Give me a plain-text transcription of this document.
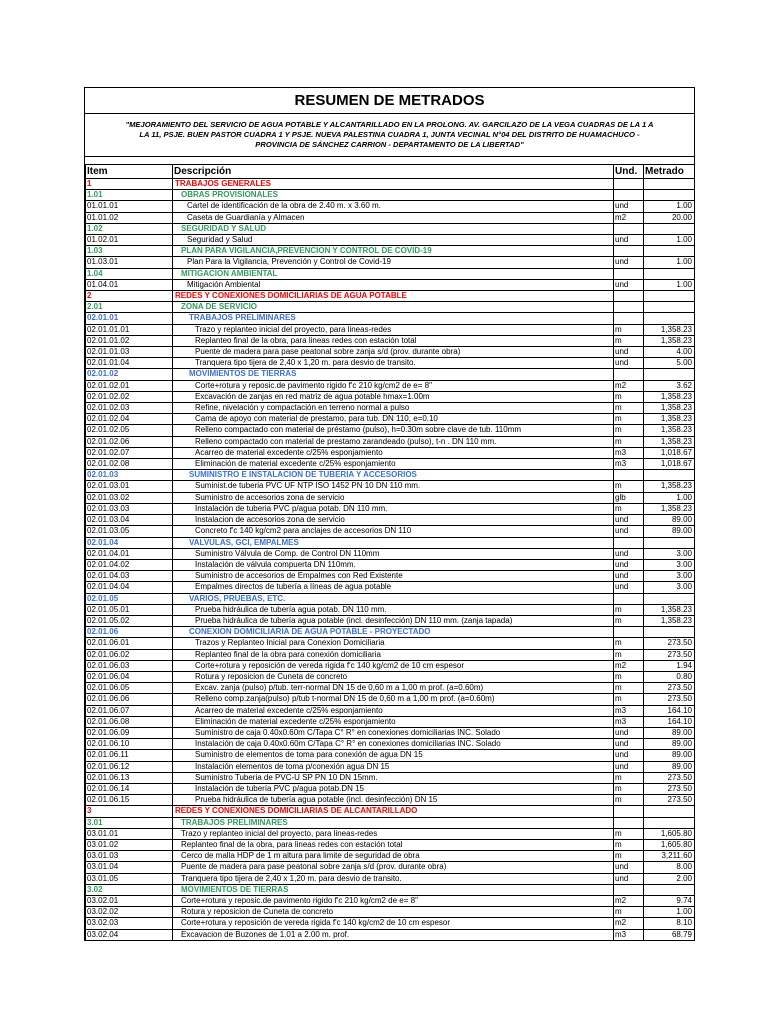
RESUMEN DE METRADOS
"MEJORAMIENTO DEL SERVICIO DE AGUA POTABLE Y ALCANTARILLADO EN LA PROLONG. AV. GARCILAZO DE LA VEGA CUADRAS DE LA 1 A
LA 11, PSJE. BUEN PASTOR CUADRA 1 Y PSJE. NUEVA PALESTINA CUADRA 1, JUNTA VECINAL N°04 DEL DISTRITO DE HUAMACHUCO -
PROVINCIA DE SÁNCHEZ CARRION - DEPARTAMENTO DE LA LIBERTAD"
Item	Descripción	Und.	Metrado
1	TRABAJOS GENERALES		
1.01	OBRAS PROVISIONALES		
01.01.01	Cartel de identificación de la obra de 2.40 m. x 3.60 m.	und	1.00
01.01.02	Caseta de Guardianía y Almacen	m2	20.00
1.02	SEGURIDAD Y SALUD		
01.02.01	Seguridad y Salud	und	1.00
1.03	PLAN PARA VIGILANCIA,PREVENCION Y CONTROL DE COVID-19		
01.03.01	Plan Para la Vigilancia, Prevención y Control de Covid-19	und	1.00
1.04	MITIGACION AMBIENTAL		
01.04.01	Mitigación Ambiental	und	1.00
2	REDES Y CONEXIONES DOMICILIARIAS DE AGUA POTABLE		
2.01	ZONA DE SERVICIO		
02.01.01	TRABAJOS PRELIMINARES		
02.01.01.01	Trazo y replanteo inicial del proyecto, para lineas-redes	m	1,358.23
02.01.01.02	Replanteo final de la obra, para lineas redes con estación total	m	1,358.23
02.01.01.03	Puente de madera para pase peatonal sobre zanja s/d (prov. durante obra)	und	4.00
02.01.01.04	Tranquera tipo tijera de 2,40 x 1,20 m. para desvio de transito.	und	5.00
02.01.02	MOVIMIENTOS DE TIERRAS		
02.01.02.01	Corte+rotura y reposic.de pavimento rigido f'c 210 kg/cm2 de e= 8"	m2	3.62
02.01.02.02	Excavación de zanjas en red matriz de agua potable hmax=1.00m	m	1,358.23
02.01.02.03	Refine, nivelación y compactación en terreno normal a pulso	m	1,358.23
02.01.02.04	Cama de apoyo con material de prestamo, para tub. DN 110, e=0.10	m	1,358.23
02.01.02.05	Relleno compactado con material de préstamo (pulso), h=0.30m sobre clave de tub. 110mm	m	1,358.23
02.01.02.06	Relleno compactado con material de prestamo zarandeado (pulso), t-n . DN 110 mm.	m	1,358.23
02.01.02.07	Acarreo de material excedente c/25% esponjamiento	m3	1,018.67
02.01.02.08	Eliminación de material excedente c/25% esponjamiento	m3	1,018.67
02.01.03	SUMINISTRO E INSTALACION DE TUBERIA Y ACCESORIOS		
02.01.03.01	Suminist.de tuberia PVC UF NTP ISO 1452 PN 10 DN 110 mm.	m	1,358.23
02.01.03.02	Suministro de accesorios zona de servicio	glb	1.00
02.01.03.03	Instalación de tuberia PVC p/agua potab. DN 110 mm.	m	1,358.23
02.01.03.04	Instalacion de accesorios zona de servicio	und	89.00
02.01.03.05	Concreto f'c 140 kg/cm2 para anclajes de accesorios DN 110	und	89.00
02.01.04	VALVULAS, GCI, EMPALMES		
02.01.04.01	Suministro Válvula de Comp. de Control DN 110mm	und	3.00
02.01.04.02	Instalación de válvula compuerta DN 110mm.	und	3.00
02.01.04.03	Suministro de accesorios de Empalmes con Red Existente	und	3.00
02.01.04.04	Empalmes directos de tubería a líneas de agua potable	und	3.00
02.01.05	VARIOS, PRUEBAS, ETC.		
02.01.05.01	Prueba hidráulica de tubería agua potab. DN 110 mm.	m	1,358.23
02.01.05.02	Prueba hidráulica de tubería agua potable (incl. desinfección) DN 110 mm. (zanja tapada)	m	1,358.23
02.01.06	CONEXION DOMICILIARIA DE AGUA POTABLE - PROYECTADO		
02.01.06.01	Trazos y Replanteo Inicial para Conexion Domiciliaria	m	273.50
02.01.06.02	Replanteo final de la obra para conexión domiciliaria	m	273.50
02.01.06.03	Corte+rotura y reposición de vereda rigida f'c 140 kg/cm2 de 10 cm espesor	m2	1.94
02.01.06.04	Rotura y reposicion de Cuneta de concreto	m	0.80
02.01.06.05	Excav. zanja (pulso) p/tub. terr-normal DN 15 de 0,60 m a 1,00 m prof. (a=0.60m)	m	273.50
02.01.06.06	Relleno comp.zanja(pulso) p/tub t-normal DN 15 de 0,60 m a 1,00 m prof. (a=0.60m)	m	273.50
02.01.06.07	Acarreo de material excedente c/25% esponjamiento	m3	164.10
02.01.06.08	Eliminación de material excedente c/25% esponjamiento	m3	164.10
02.01.06.09	Suministro de caja 0.40x0.60m C/Tapa C° R° en conexiones domiciliarias INC. Solado	und	89.00
02.01.06.10	Instalación de caja 0.40x0.60m C/Tapa C° R° en conexiones domiciliarias INC. Solado	und	89.00
02.01.06.11	Suministro de elementos de toma para conexión de agua DN 15	und	89.00
02.01.06.12	Instalación elementos de toma p/conexión agua DN 15	und	89.00
02.01.06.13	Suministro Tuberia de PVC-U SP PN 10 DN 15mm.	m	273.50
02.01.06.14	Instalación de tubería PVC p/agua potab.DN 15	m	273.50
02.01.06.15	Prueba hidráulica de tubería agua potable (incl. desinfección) DN 15	m	273.50
3	REDES Y CONEXIONES DOMICILIARIAS DE ALCANTARILLADO		
3.01	TRABAJOS PRELIMINARES		
03.01.01	Trazo y replanteo inicial del proyecto, para lineas-redes	m	1,605.80
03.01.02	Replanteo final de la obra, para lineas redes con estación total	m	1,605.80
03.01.03	Cerco de malla HDP de 1 m altura para limite de seguridad de obra	m	3,211.60
03.01.04	Puente de madera para pase peatonal sobre zanja s/d (prov. durante obra)	und	8.00
03.01.05	Tranquera tipo tijera de 2,40 x 1,20 m. para desvio de transito.	und	2.00
3.02	MOVIMIENTOS DE TIERRAS		
03.02.01	Corte+rotura y reposic.de pavimento rigido f'c 210 kg/cm2 de e= 8"	m2	9.74
03.02.02	Rotura y reposicion de Cuneta de concreto	m	1.00
03.02.03	Corte+rotura y reposición de vereda rigida f'c 140 kg/cm2 de 10 cm espesor	m2	8.10
03.02.04	Excavacion de Buzones de 1.01 a 2.00 m. prof.	m3	68.79
